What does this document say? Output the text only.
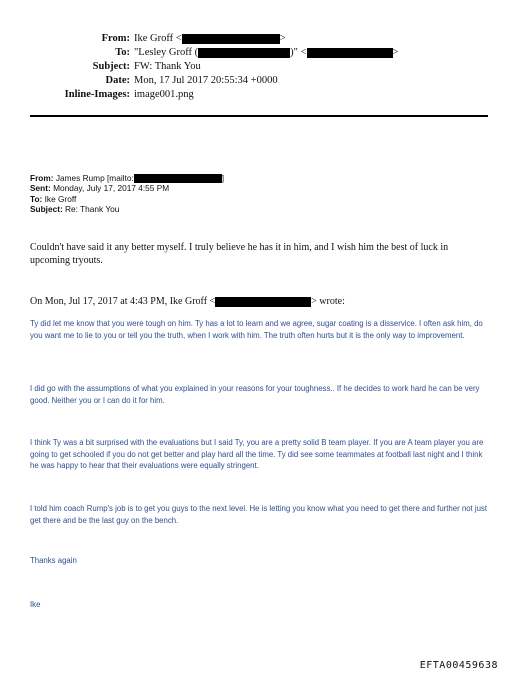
From: Ike Groff <	>
To: "Lesley Groff (	)" <	>
Subject: FW: Thank You
Date: Mon, 17 Jul 2017 20:55:34 +0000
Inline-Images: image001.png
From: James Rump [mailto:	]
Sent: Monday, July 17, 2017 4:55 PM
To: Ike Groff
Subject: Re: Thank You
Couldn't have said it any better myself. I truly believe he has it in him, and I wish him the best of luck in upcoming tryouts.
On Mon, Jul 17, 2017 at 4:43 PM, Ike Groff <	> wrote:
Ty did let me know that you were tough on him. Ty has a lot to learn and we agree, sugar coating is a disservice. I often ask him, do you want me to lie to you or tell you the truth, when I work with him. The truth often hurts but it is the only way to improvement.
I did go with the assumptions of what you explained in your reasons for your toughness.. If he decides to work hard he can be very good. Neither you or I can do it for him.
I think Ty was a bit surprised with the evaluations but I said Ty, you are a pretty solid B team player. If you are A team player you are going to get schooled if you do not get better and play hard all the time. Ty did see some teammates at football last night and I think he was happy to hear that their evaluations were equally stringent.
I told him coach Rump's job is to get you guys to the next level. He is letting you know what you need to get there and further not just get there and be the last guy on the bench.
Thanks again
Ike
EFTA00459638
